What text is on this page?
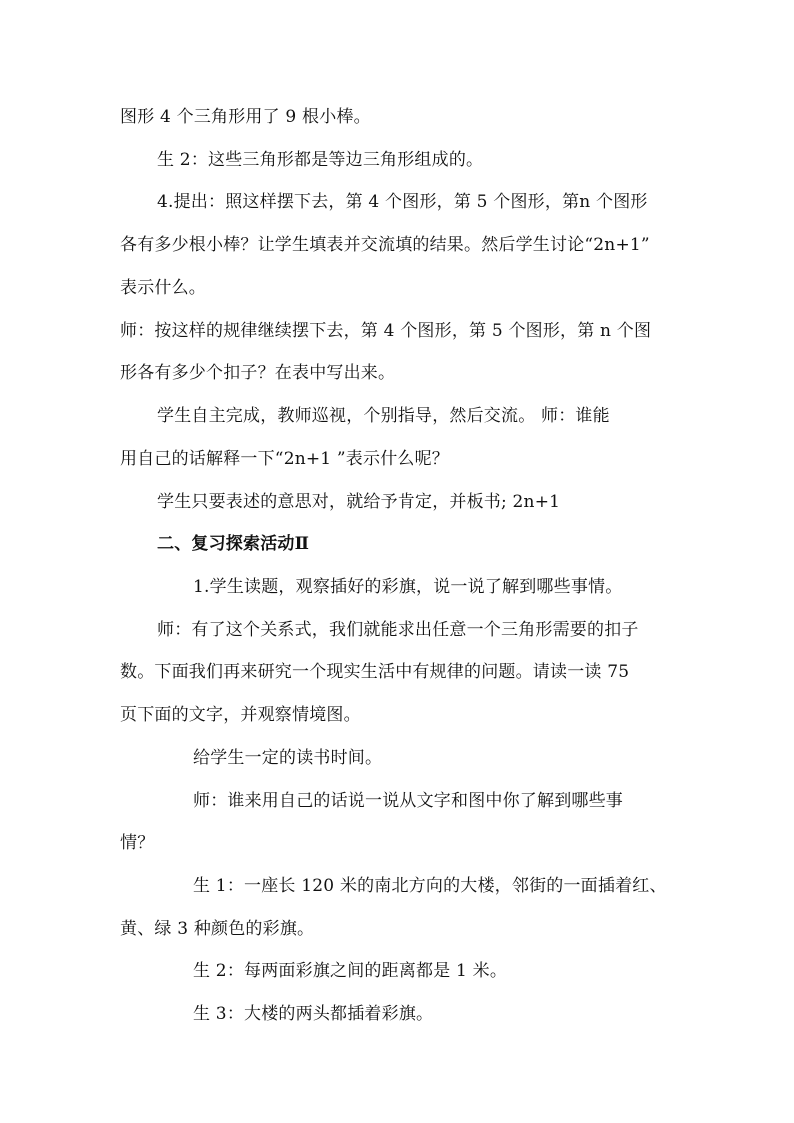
图形 4 个三角形用了 9 根小棒。
生 2：这些三角形都是等边三角形组成的。
4.提出：照这样摆下去，第 4 个图形，第 5 个图形，第n 个图形
各有多少根小棒？让学生填表并交流填的结果。然后学生讨论“2n+1”
表示什么。
师：按这样的规律继续摆下去，第 4 个图形，第 5 个图形，第 n 个图
形各有多少个扣子？在表中写出来。
学生自主完成，教师巡视，个别指导，然后交流。 师：谁能
用自己的话解释一下“2n+1 ”表示什么呢？
学生只要表述的意思对，就给予肯定，并板书; 2n+1
二、复习探索活动Ⅱ
1.学生读题，观察插好的彩旗，说一说了解到哪些事情。
师：有了这个关系式，我们就能求出任意一个三角形需要的扣子
数。下面我们再来研究一个现实生活中有规律的问题。请读一读 75
页下面的文字，并观察情境图。
给学生一定的读书时间。
师：谁来用自己的话说一说从文字和图中你了解到哪些事
情？
生 1：一座长 120 米的南北方向的大楼，邻街的一面插着红、
黄、绿 3 种颜色的彩旗。
生 2：每两面彩旗之间的距离都是 1 米。
生 3：大楼的两头都插着彩旗。
